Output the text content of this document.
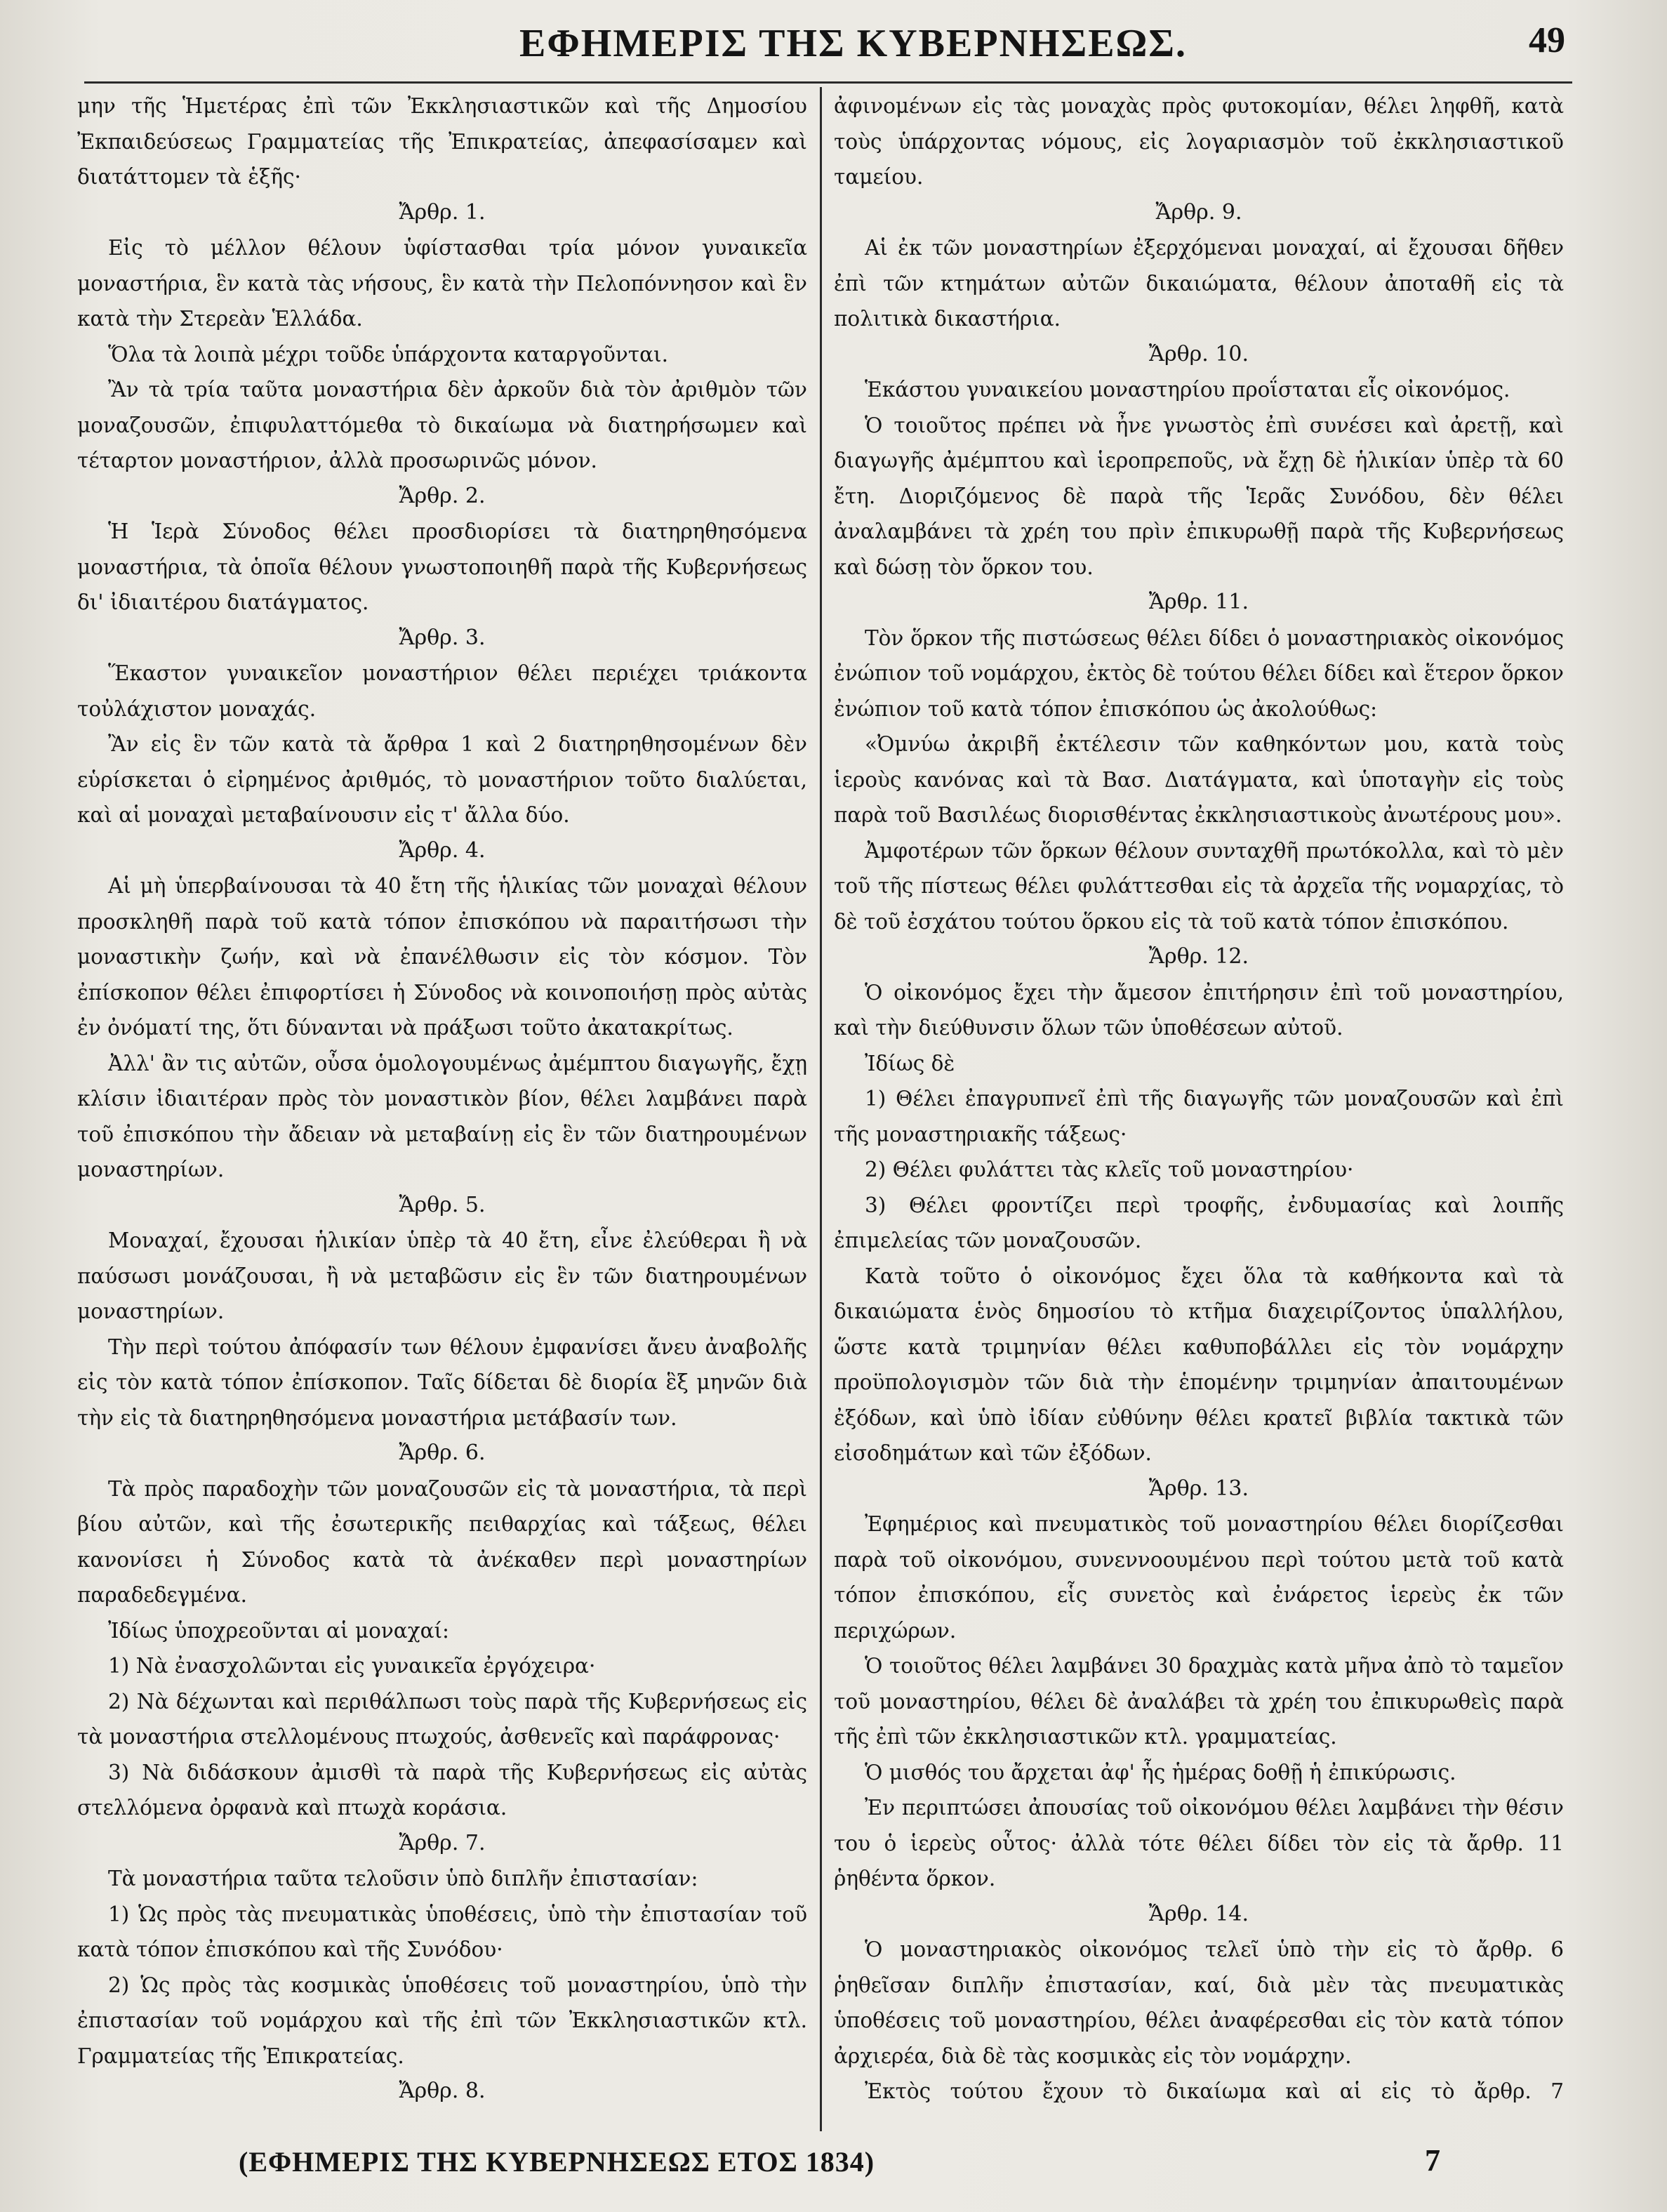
ΕΦΗΜΕΡΙΣ ΤΗΣ ΚΥΒΕΡΝΗΣΕΩΣ.	49

μην τῆς Ἡμετέρας ἐπὶ τῶν Ἐκκλησιαστικῶν καὶ τῆς Δημοσίου Ἐκπαιδεύσεως Γραμματείας τῆς Ἐπικρατείας, ἀπεφασίσαμεν καὶ διατάττομεν τὰ ἑξῆς·

Ἄρθρ. 1.

Εἰς τὸ μέλλον θέλουν ὑφίστασθαι τρία μόνον γυναικεῖα μοναστήρια, ἓν κατὰ τὰς νήσους, ἓν κατὰ τὴν Πελοπόννησον καὶ ἓν κατὰ τὴν Στερεὰν Ἑλλάδα.

Ὅλα τὰ λοιπὰ μέχρι τοῦδε ὑπάρχοντα καταργοῦνται.

Ἂν τὰ τρία ταῦτα μοναστήρια δὲν ἀρκοῦν διὰ τὸν ἀριθμὸν τῶν μοναζουσῶν, ἐπιφυλαττόμεθα τὸ δικαίωμα νὰ διατηρήσωμεν καὶ τέταρτον μοναστήριον, ἀλλὰ προσωρινῶς μόνον.

Ἄρθρ. 2.

Ἡ Ἱερὰ Σύνοδος θέλει προσδιορίσει τὰ διατηρηθησόμενα μοναστήρια, τὰ ὁποῖα θέλουν γνωστοποιηθῆ παρὰ τῆς Κυβερνήσεως δι' ἰδιαιτέρου διατάγματος.

Ἄρθρ. 3.

Ἕκαστον γυναικεῖον μοναστήριον θέλει περιέχει τριάκοντα τοὐλάχιστον μοναχάς.

Ἂν εἰς ἓν τῶν κατὰ τὰ ἄρθρα 1 καὶ 2 διατηρηθησομένων δὲν εὑρίσκεται ὁ εἰρημένος ἀριθμός, τὸ μοναστήριον τοῦτο διαλύεται, καὶ αἱ μοναχαὶ μεταβαίνουσιν εἰς τ' ἄλλα δύο.

Ἄρθρ. 4.

Αἱ μὴ ὑπερβαίνουσαι τὰ 40 ἔτη τῆς ἡλικίας τῶν μοναχαὶ θέλουν προσκληθῆ παρὰ τοῦ κατὰ τόπον ἐπισκόπου νὰ παραιτήσωσι τὴν μοναστικὴν ζωήν, καὶ νὰ ἐπανέλθωσιν εἰς τὸν κόσμον. Τὸν ἐπίσκοπον θέλει ἐπιφορτίσει ἡ Σύνοδος νὰ κοινοποιήσῃ πρὸς αὐτὰς ἐν ὀνόματί της, ὅτι δύνανται νὰ πράξωσι τοῦτο ἀκατακρίτως.

Ἀλλ' ἂν τις αὐτῶν, οὖσα ὁμολογουμένως ἀμέμπτου διαγωγῆς, ἔχῃ κλίσιν ἰδιαιτέραν πρὸς τὸν μοναστικὸν βίον, θέλει λαμβάνει παρὰ τοῦ ἐπισκόπου τὴν ἄδειαν νὰ μεταβαίνῃ εἰς ἓν τῶν διατηρουμένων μοναστηρίων.

Ἄρθρ. 5.

Μοναχαί, ἔχουσαι ἡλικίαν ὑπὲρ τὰ 40 ἔτη, εἶνε ἐλεύθεραι ἢ νὰ παύσωσι μονάζουσαι, ἢ νὰ μεταβῶσιν εἰς ἓν τῶν διατηρουμένων μοναστηρίων.

Τὴν περὶ τούτου ἀπόφασίν των θέλουν ἐμφανίσει ἄνευ ἀναβολῆς εἰς τὸν κατὰ τόπον ἐπίσκοπον. Ταῖς δίδεται δὲ διορία ἓξ μηνῶν διὰ τὴν εἰς τὰ διατηρηθησόμενα μοναστήρια μετάβασίν των.

Ἄρθρ. 6.

Τὰ πρὸς παραδοχὴν τῶν μοναζουσῶν εἰς τὰ μοναστήρια, τὰ περὶ βίου αὐτῶν, καὶ τῆς ἐσωτερικῆς πειθαρχίας καὶ τάξεως, θέλει κανονίσει ἡ Σύνοδος κατὰ τὰ ἀνέκαθεν περὶ μοναστηρίων παραδεδεγμένα.

Ἰδίως ὑποχρεοῦνται αἱ μοναχαί:

1) Νὰ ἐνασχολῶνται εἰς γυναικεῖα ἐργόχειρα·

2) Νὰ δέχωνται καὶ περιθάλπωσι τοὺς παρὰ τῆς Κυβερνήσεως εἰς τὰ μοναστήρια στελλομένους πτωχούς, ἀσθενεῖς καὶ παράφρονας·

3) Νὰ διδάσκουν ἀμισθὶ τὰ παρὰ τῆς Κυβερνήσεως εἰς αὐτὰς στελλόμενα ὀρφανὰ καὶ πτωχὰ κοράσια.

Ἄρθρ. 7.

Τὰ μοναστήρια ταῦτα τελοῦσιν ὑπὸ διπλῆν ἐπιστασίαν:

1) Ὡς πρὸς τὰς πνευματικὰς ὑποθέσεις, ὑπὸ τὴν ἐπιστασίαν τοῦ κατὰ τόπον ἐπισκόπου καὶ τῆς Συνόδου·

2) Ὡς πρὸς τὰς κοσμικὰς ὑποθέσεις τοῦ μοναστηρίου, ὑπὸ τὴν ἐπιστασίαν τοῦ νομάρχου καὶ τῆς ἐπὶ τῶν Ἐκκλησιαστικῶν κτλ. Γραμματείας τῆς Ἐπικρατείας.

Ἄρθρ. 8.

ἀφινομένων εἰς τὰς μοναχὰς πρὸς φυτοκομίαν, θέλει ληφθῆ, κατὰ τοὺς ὑπάρχοντας νόμους, εἰς λογαριασμὸν τοῦ ἐκκλησιαστικοῦ ταμείου.

Ἄρθρ. 9.

Αἱ ἐκ τῶν μοναστηρίων ἐξερχόμεναι μοναχαί, αἱ ἔχουσαι δῆθεν ἐπὶ τῶν κτημάτων αὐτῶν δικαιώματα, θέλουν ἀποταθῆ εἰς τὰ πολιτικὰ δικαστήρια.

Ἄρθρ. 10.

Ἑκάστου γυναικείου μοναστηρίου προΐσταται εἷς οἰκονόμος.

Ὁ τοιοῦτος πρέπει νὰ ἦνε γνωστὸς ἐπὶ συνέσει καὶ ἀρετῇ, καὶ διαγωγῆς ἀμέμπτου καὶ ἱεροπρεποῦς, νὰ ἔχῃ δὲ ἡλικίαν ὑπὲρ τὰ 60 ἔτη. Διοριζόμενος δὲ παρὰ τῆς Ἱερᾶς Συνόδου, δὲν θέλει ἀναλαμβάνει τὰ χρέη του πρὶν ἐπικυρωθῇ παρὰ τῆς Κυβερνήσεως καὶ δώσῃ τὸν ὅρκον του.

Ἄρθρ. 11.

Τὸν ὅρκον τῆς πιστώσεως θέλει δίδει ὁ μοναστηριακὸς οἰκονόμος ἐνώπιον τοῦ νομάρχου, ἐκτὸς δὲ τούτου θέλει δίδει καὶ ἕτερον ὅρκον ἐνώπιον τοῦ κατὰ τόπον ἐπισκόπου ὡς ἀκολούθως:

«Ὀμνύω ἀκριβῆ ἐκτέλεσιν τῶν καθηκόντων μου, κατὰ τοὺς ἱεροὺς κανόνας καὶ τὰ Βασ. Διατάγματα, καὶ ὑποταγὴν εἰς τοὺς παρὰ τοῦ Βασιλέως διορισθέντας ἐκκλησιαστικοὺς ἀνωτέρους μου».

Ἀμφοτέρων τῶν ὅρκων θέλουν συνταχθῆ πρωτόκολλα, καὶ τὸ μὲν τοῦ τῆς πίστεως θέλει φυλάττεσθαι εἰς τὰ ἀρχεῖα τῆς νομαρχίας, τὸ δὲ τοῦ ἐσχάτου τούτου ὅρκου εἰς τὰ τοῦ κατὰ τόπον ἐπισκόπου.

Ἄρθρ. 12.

Ὁ οἰκονόμος ἔχει τὴν ἄμεσον ἐπιτήρησιν ἐπὶ τοῦ μοναστηρίου, καὶ τὴν διεύθυνσιν ὅλων τῶν ὑποθέσεων αὐτοῦ.

Ἰδίως δὲ

1) Θέλει ἐπαγρυπνεῖ ἐπὶ τῆς διαγωγῆς τῶν μοναζουσῶν καὶ ἐπὶ τῆς μοναστηριακῆς τάξεως·

2) Θέλει φυλάττει τὰς κλεῖς τοῦ μοναστηρίου·

3) Θέλει φροντίζει περὶ τροφῆς, ἐνδυμασίας καὶ λοιπῆς ἐπιμελείας τῶν μοναζουσῶν.

Κατὰ τοῦτο ὁ οἰκονόμος ἔχει ὅλα τὰ καθήκοντα καὶ τὰ δικαιώματα ἑνὸς δημοσίου τὸ κτῆμα διαχειρίζοντος ὑπαλλήλου, ὥστε κατὰ τριμηνίαν θέλει καθυποβάλλει εἰς τὸν νομάρχην προϋπολογισμὸν τῶν διὰ τὴν ἑπομένην τριμηνίαν ἀπαιτουμένων ἐξόδων, καὶ ὑπὸ ἰδίαν εὐθύνην θέλει κρατεῖ βιβλία τακτικὰ τῶν εἰσοδημάτων καὶ τῶν ἐξόδων.

Ἄρθρ. 13.

Ἐφημέριος καὶ πνευματικὸς τοῦ μοναστηρίου θέλει διορίζεσθαι παρὰ τοῦ οἰκονόμου, συνεννοουμένου περὶ τούτου μετὰ τοῦ κατὰ τόπον ἐπισκόπου, εἷς συνετὸς καὶ ἐνάρετος ἱερεὺς ἐκ τῶν περιχώρων.

Ὁ τοιοῦτος θέλει λαμβάνει 30 δραχμὰς κατὰ μῆνα ἀπὸ τὸ ταμεῖον τοῦ μοναστηρίου, θέλει δὲ ἀναλάβει τὰ χρέη του ἐπικυρωθεὶς παρὰ τῆς ἐπὶ τῶν ἐκκλησιαστικῶν κτλ. γραμματείας.

Ὁ μισθός του ἄρχεται ἀφ' ἧς ἡμέρας δοθῇ ἡ ἐπικύρωσις.

Ἐν περιπτώσει ἀπουσίας τοῦ οἰκονόμου θέλει λαμβάνει τὴν θέσιν του ὁ ἱερεὺς οὗτος· ἀλλὰ τότε θέλει δίδει τὸν εἰς τὰ ἄρθρ. 11 ῥηθέντα ὅρκον.

Ἄρθρ. 14.

Ὁ μοναστηριακὸς οἰκονόμος τελεῖ ὑπὸ τὴν εἰς τὸ ἄρθρ. 6 ῥηθεῖσαν διπλῆν ἐπιστασίαν, καί, διὰ μὲν τὰς πνευματικὰς ὑποθέσεις τοῦ μοναστηρίου, θέλει ἀναφέρεσθαι εἰς τὸν κατὰ τόπον ἀρχιερέα, διὰ δὲ τὰς κοσμικὰς εἰς τὸν νομάρχην.

Ἐκτὸς τούτου ἔχουν τὸ δικαίωμα καὶ αἱ εἰς τὸ ἄρθρ. 7

(ΕΦΗΜΕΡΙΣ ΤΗΣ ΚΥΒΕΡΝΗΣΕΩΣ ΕΤΟΣ 1834)	7
